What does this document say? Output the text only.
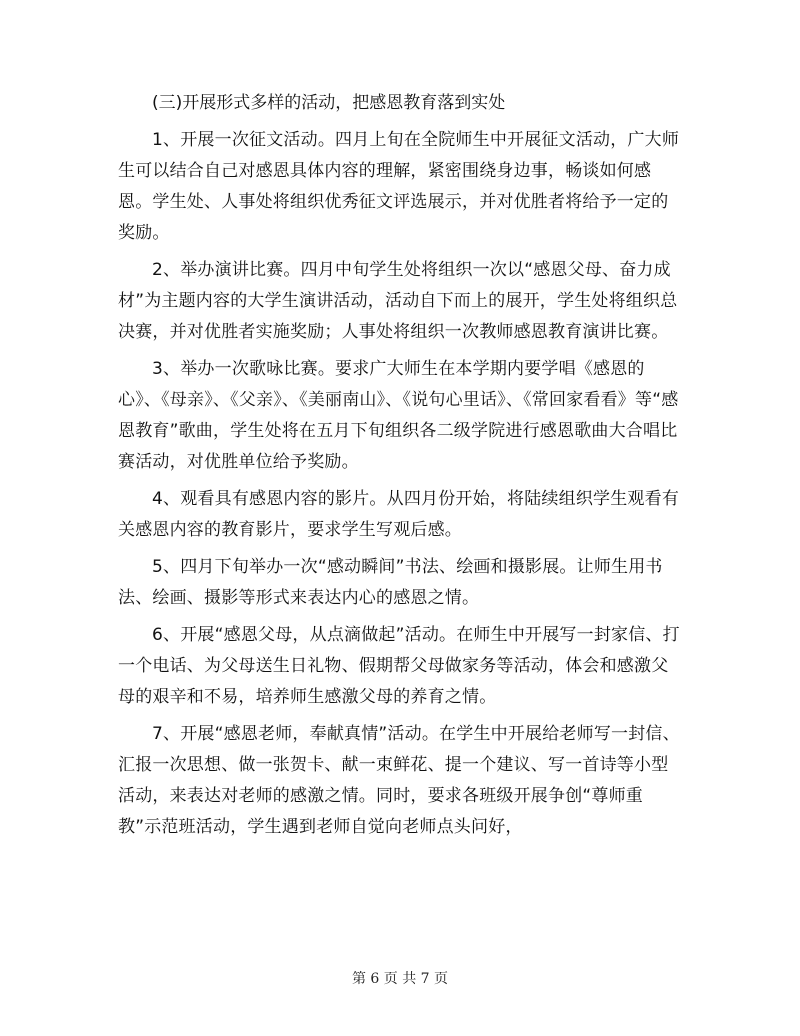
(三)开展形式多样的活动，把感恩教育落到实处

1、开展一次征文活动。四月上旬在全院师生中开展征文活动，广大师生可以结合自己对感恩具体内容的理解，紧密围绕身边事，畅谈如何感恩。学生处、人事处将组织优秀征文评选展示，并对优胜者将给予一定的奖励。

2、举办演讲比赛。四月中旬学生处将组织一次以“感恩父母、奋力成材”为主题内容的大学生演讲活动，活动自下而上的展开，学生处将组织总决赛，并对优胜者实施奖励；人事处将组织一次教师感恩教育演讲比赛。

3、举办一次歌咏比赛。要求广大师生在本学期内要学唱《感恩的心》、《母亲》、《父亲》、《美丽南山》、《说句心里话》、《常回家看看》等“感恩教育”歌曲，学生处将在五月下旬组织各二级学院进行感恩歌曲大合唱比赛活动，对优胜单位给予奖励。

4、观看具有感恩内容的影片。从四月份开始，将陆续组织学生观看有关感恩内容的教育影片，要求学生写观后感。

5、四月下旬举办一次“感动瞬间”书法、绘画和摄影展。让师生用书法、绘画、摄影等形式来表达内心的感恩之情。

6、开展“感恩父母，从点滴做起”活动。在师生中开展写一封家信、打一个电话、为父母送生日礼物、假期帮父母做家务等活动，体会和感激父母的艰辛和不易，培养师生感激父母的养育之情。

7、开展“感恩老师，奉献真情”活动。在学生中开展给老师写一封信、汇报一次思想、做一张贺卡、献一束鲜花、提一个建议、写一首诗等小型活动，来表达对老师的感激之情。同时，要求各班级开展争创“尊师重教”示范班活动，学生遇到老师自觉向老师点头问好，

第 6 页 共 7 页
